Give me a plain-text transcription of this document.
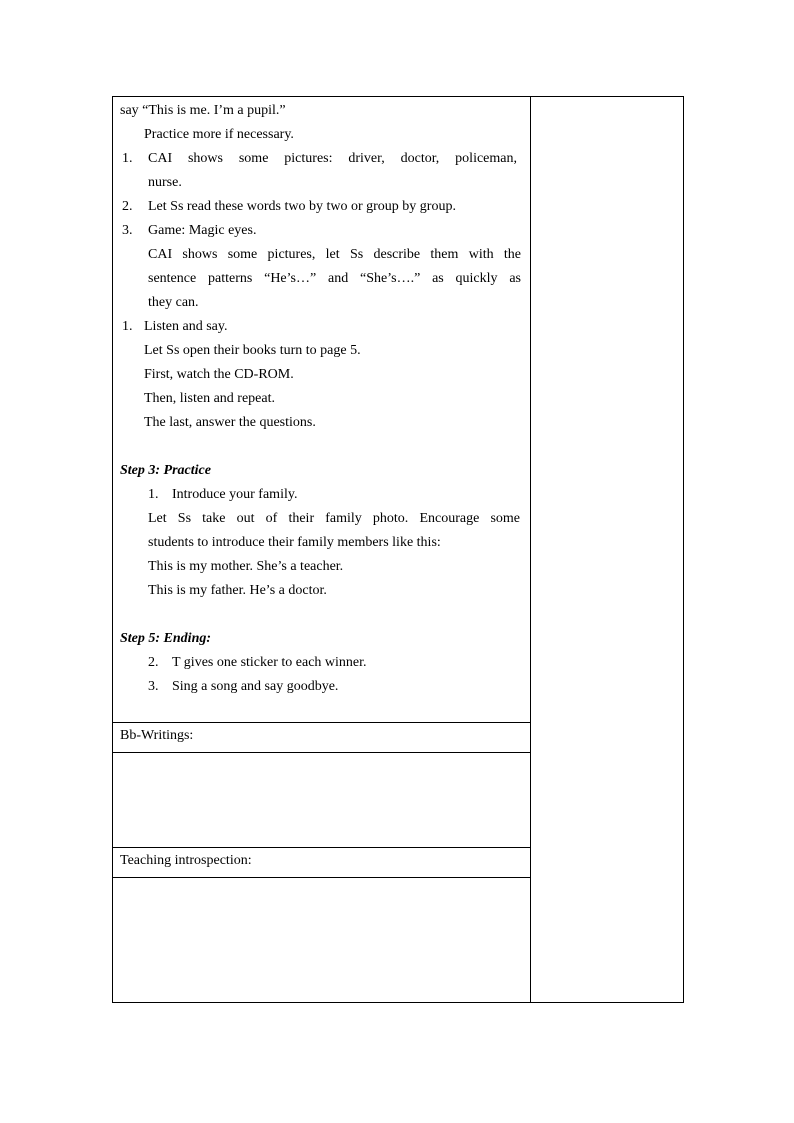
say “This is me. I’m a pupil.”
Practice more if necessary.
1. CAI shows some pictures: driver, doctor, policeman,
nurse.
2. Let Ss read these words two by two or group by group.
3. Game: Magic eyes.
CAI shows some pictures, let Ss describe them with the
sentence patterns “He’s…” and “She’s….” as quickly as
they can.
1. Listen and say.
Let Ss open their books turn to page 5.
First, watch the CD-ROM.
Then, listen and repeat.
The last, answer the questions.
Step 3: Practice
1. Introduce your family.
Let Ss take out of their family photo. Encourage some
students to introduce their family members like this:
This is my mother. She’s a teacher.
This is my father. He’s a doctor.
Step 5: Ending:
2. T gives one sticker to each winner.
3. Sing a song and say goodbye.

Bb-Writings:

Teaching introspection:
